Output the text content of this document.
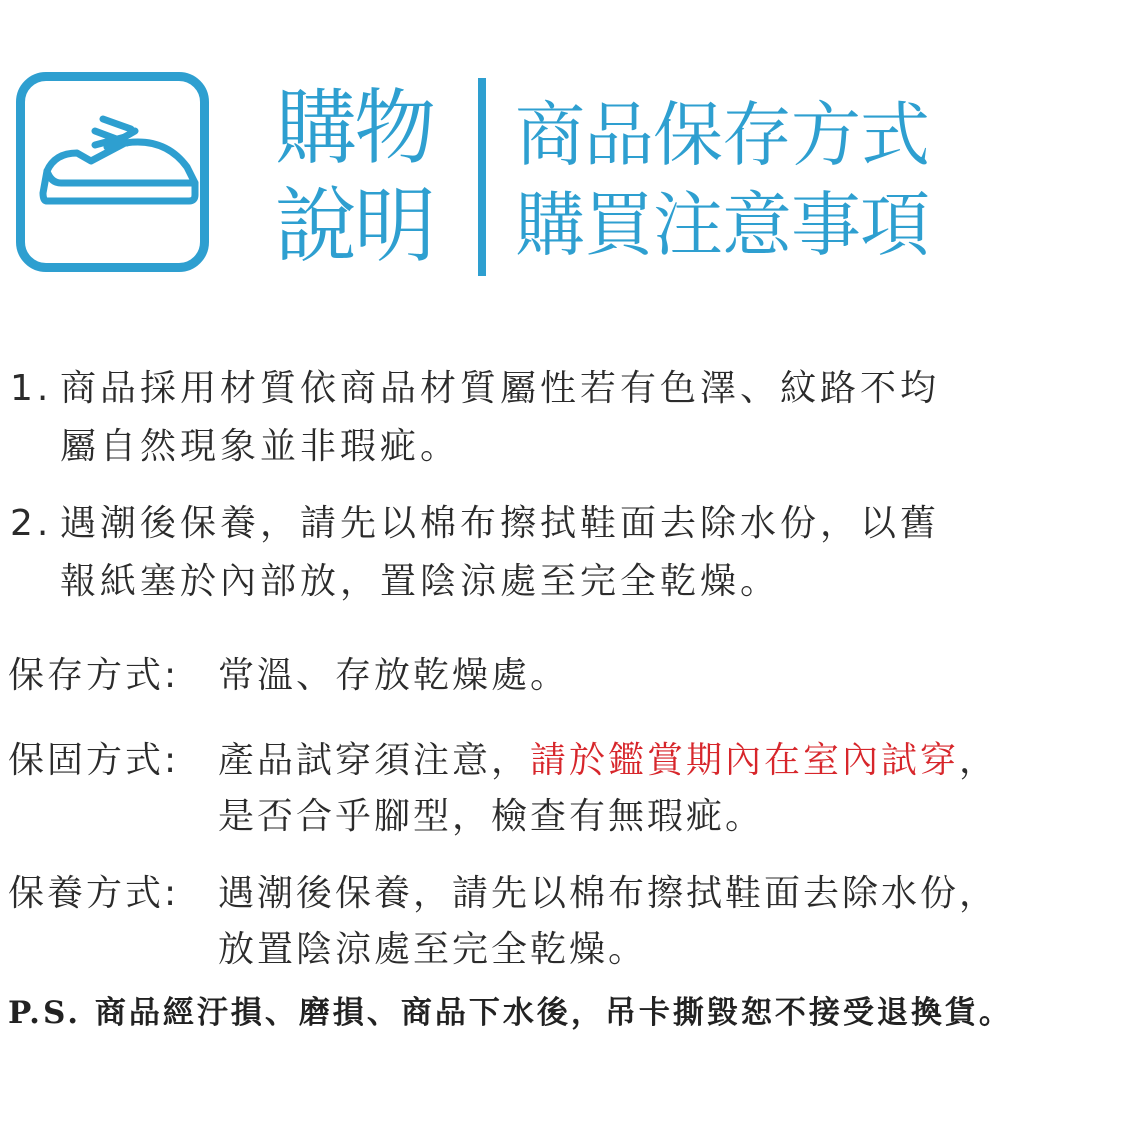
購物
說明
商品保存方式
購買注意事項
1. 商品採用材質依商品材質屬性若有色澤、紋路不均
屬自然現象並非瑕疵。
2. 遇潮後保養，請先以棉布擦拭鞋面去除水份，以舊
報紙塞於內部放，置陰涼處至完全乾燥。
保存方式: 常溫、存放乾燥處。
保固方式: 產品試穿須注意，請於鑑賞期內在室內試穿，
是否合乎腳型，檢查有無瑕疵。
保養方式: 遇潮後保養，請先以棉布擦拭鞋面去除水份，
放置陰涼處至完全乾燥。
P.S. 商品經汙損、磨損、商品下水後，吊卡撕毀恕不接受退換貨。
